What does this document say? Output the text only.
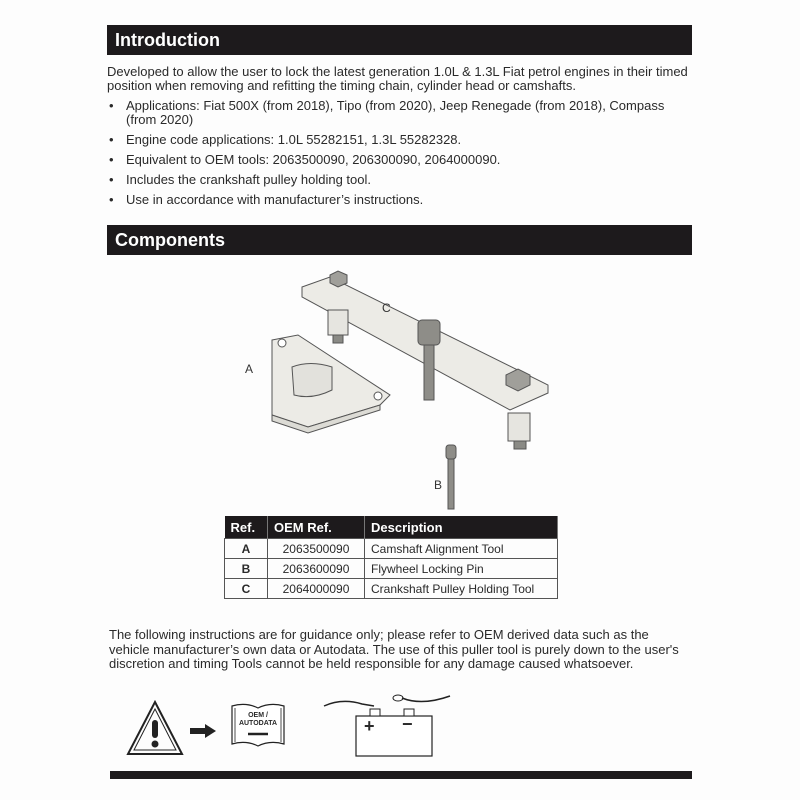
Introduction

Developed to allow the user to lock the latest generation 1.0L & 1.3L Fiat petrol engines in their timed position when removing and refitting the timing chain, cylinder head or camshafts.

• Applications: Fiat 500X (from 2018), Tipo (from 2020), Jeep Renegade (from 2018), Compass (from 2020)
• Engine code applications: 1.0L 55282151, 1.3L 55282328.
• Equivalent to OEM tools: 2063500090, 206300090, 2064000090.
• Includes the crankshaft pulley holding tool.
• Use in accordance with manufacturer’s instructions.
Components
A
B
C
Ref.	OEM Ref.	Description
A	2063500090	Camshaft Alignment Tool
B	2063600090	Flywheel Locking Pin
C	2064000090	Crankshaft Pulley Holding Tool
The following instructions are for guidance only; please refer to OEM derived data such as the vehicle manufacturer’s own data or Autodata. The use of this puller tool is purely down to the user's discretion and timing Tools cannot be held responsible for any damage caused whatsoever.
OEM /
AUTODATA	+ −
